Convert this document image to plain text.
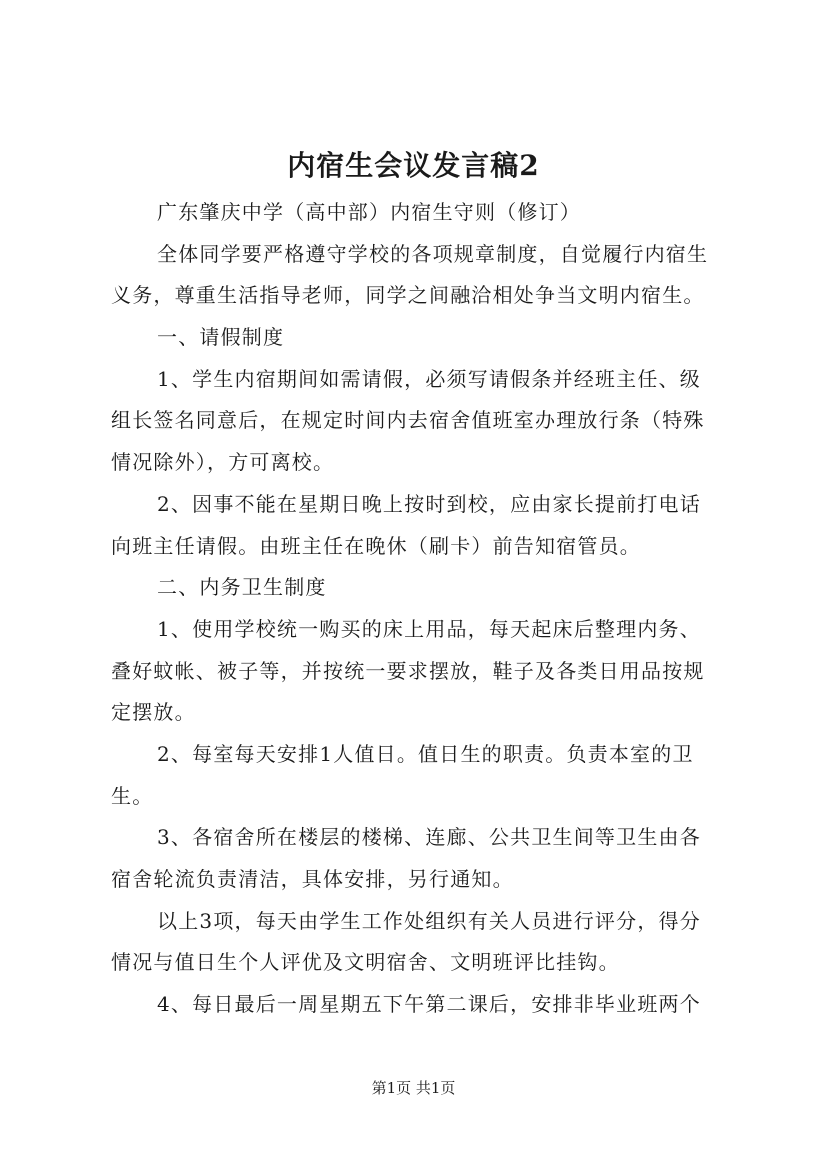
内宿生会议发言稿2
广东肇庆中学（高中部）内宿生守则（修订）
全体同学要严格遵守学校的各项规章制度，自觉履行内宿生
义务，尊重生活指导老师，同学之间融洽相处争当文明内宿生。
一、请假制度
1、学生内宿期间如需请假，必须写请假条并经班主任、级
组长签名同意后，在规定时间内去宿舍值班室办理放行条（特殊
情况除外），方可离校。
2、因事不能在星期日晚上按时到校，应由家长提前打电话
向班主任请假。由班主任在晚休（刷卡）前告知宿管员。
二、内务卫生制度
1、使用学校统一购买的床上用品，每天起床后整理内务、
叠好蚊帐、被子等，并按统一要求摆放，鞋子及各类日用品按规
定摆放。
2、每室每天安排1人值日。值日生的职责。负责本室的卫
生。
3、各宿舍所在楼层的楼梯、连廊、公共卫生间等卫生由各
宿舍轮流负责清洁，具体安排，另行通知。
以上3项，每天由学生工作处组织有关人员进行评分，得分
情况与值日生个人评优及文明宿舍、文明班评比挂钩。
4、每日最后一周星期五下午第二课后，安排非毕业班两个
第1页 共1页
